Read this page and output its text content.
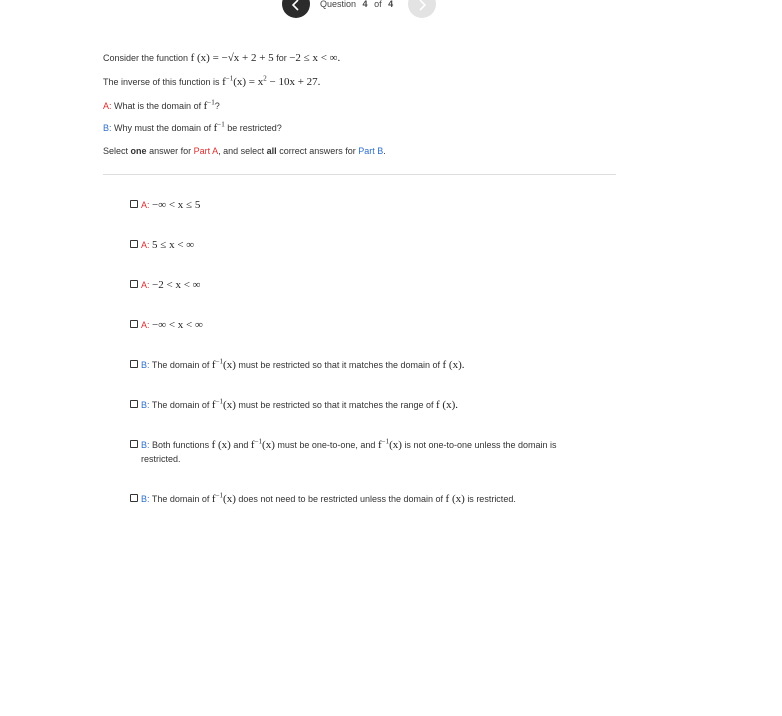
Question 4 of 4
Consider the function f (x) = −√x + 2 + 5 for −2 ≤ x < ∞.
The inverse of this function is $f^{-1}(x) = x^2 - 10x + 27$.
A: What is the domain of $f^{-1}$?
B: Why must the domain of $f^{-1}$ be restricted?
Select one answer for Part A, and select all correct answers for Part B.
A: −∞ < x ≤ 5
A: 5 ≤ x < ∞
A: −2 < x < ∞
A: −∞ < x < ∞
B: The domain of $f^{-1}(x)$ must be restricted so that it matches the domain of f (x).
B: The domain of $f^{-1}(x)$ must be restricted so that it matches the range of f (x).
B: Both functions f (x) and $f^{-1}(x)$ must be one-to-one, and $f^{-1}(x)$ is not one-to-one unless the domain is restricted.
B: The domain of $f^{-1}(x)$ does not need to be restricted unless the domain of f (x) is restricted.
